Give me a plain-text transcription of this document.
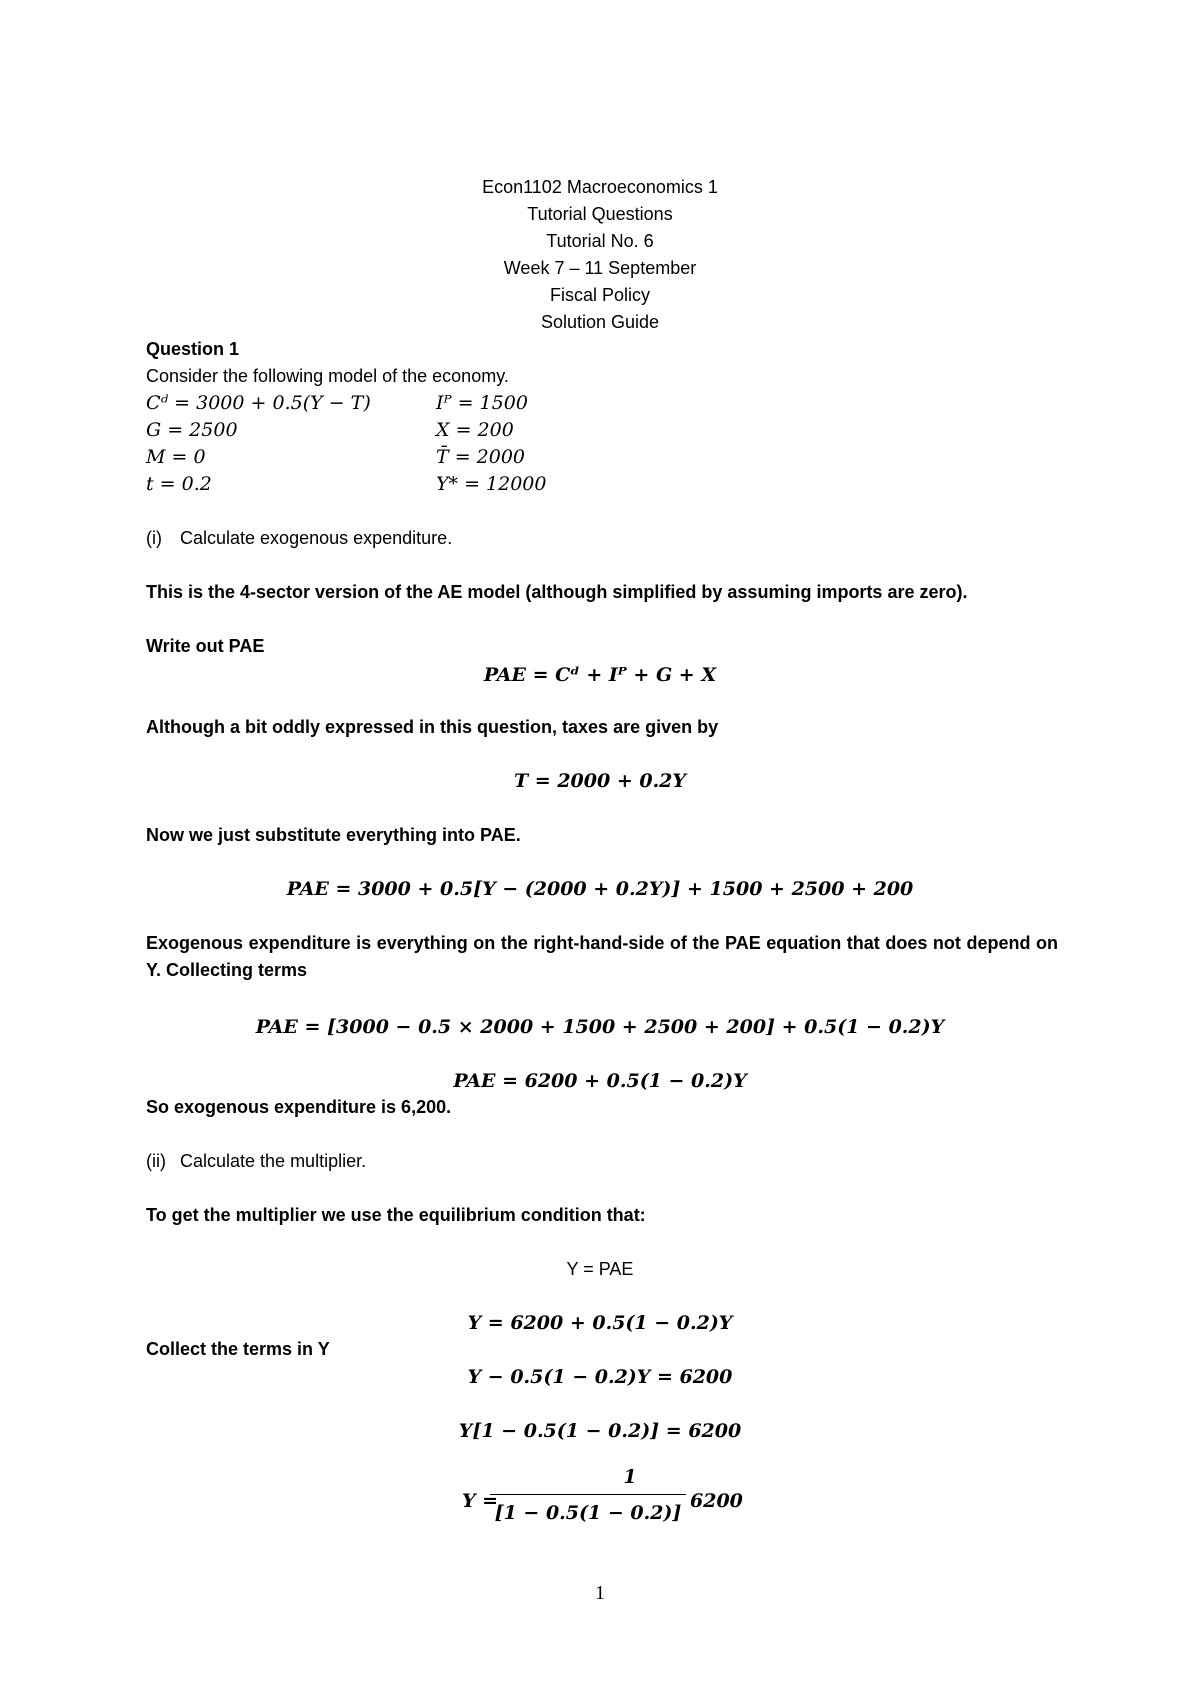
Econ1102 Macroeconomics 1
Tutorial Questions
Tutorial No. 6
Week 7 – 11 September
Fiscal Policy
Solution Guide
Question 1
Consider the following model of the economy.
Cᵈ = 3000 + 0.5(Y − T)	Iᴾ = 1500
G = 2500	X = 200
M = 0	T̄ = 2000
t = 0.2	Y* = 12000
(i) Calculate exogenous expenditure.
This is the 4-sector version of the AE model (although simplified by assuming imports are zero).
Write out PAE
PAE = Cᵈ + Iᴾ + G + X
Although a bit oddly expressed in this question, taxes are given by
T = 2000 + 0.2Y
Now we just substitute everything into PAE.
PAE = 3000 + 0.5[Y − (2000 + 0.2Y)] + 1500 + 2500 + 200
Exogenous expenditure is everything on the right-hand-side of the PAE equation that does not depend on Y. Collecting terms
PAE = [3000 − 0.5 × 2000 + 1500 + 2500 + 200] + 0.5(1 − 0.2)Y
PAE = 6200 + 0.5(1 − 0.2)Y
So exogenous expenditure is 6,200.
(ii) Calculate the multiplier.
To get the multiplier we use the equilibrium condition that:
Y = PAE
Y = 6200 + 0.5(1 − 0.2)Y
Collect the terms in Y
Y − 0.5(1 − 0.2)Y = 6200
Y[1 − 0.5(1 − 0.2)] = 6200
Y =
1
[1 − 0.5(1 − 0.2)]
6200
1
